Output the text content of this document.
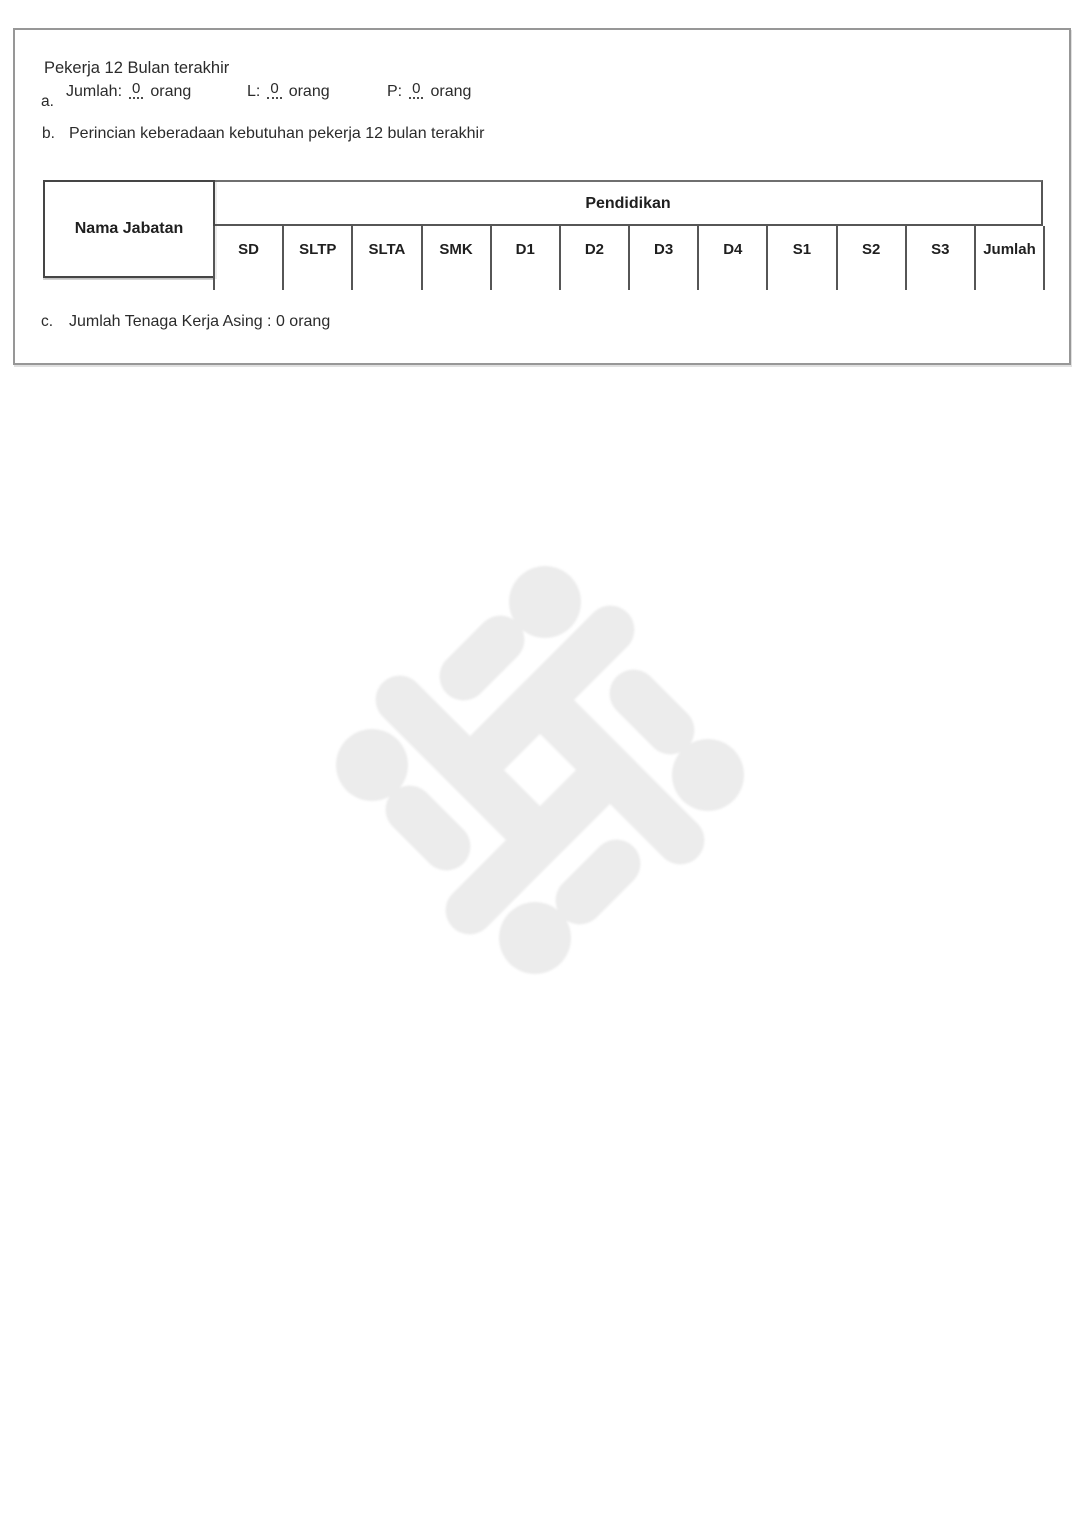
Pekerja 12 Bulan terakhir
a.
Jumlah: 0 orang	L: 0 orang	P: 0 orang
b. Perincian keberadaan kebutuhan pekerja 12 bulan terakhir
Nama Jabatan
Pendidikan
SD	SLTP	SLTA	SMK	D1	D2	D3	D4	S1	S2	S3	Jumlah
c. Jumlah Tenaga Kerja Asing : 0 orang
